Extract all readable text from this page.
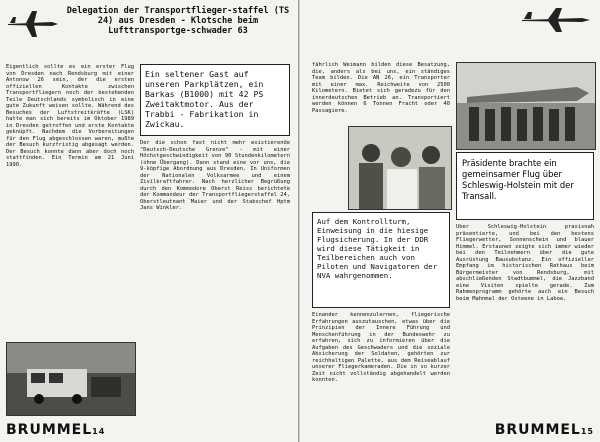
Delegation der Transportflieger-staffel (TS 24) aus Dresden - Klotsche beim Lufttransportge-schwader 63
Eigentlich sollte es ein erster Flug von Dresden nach Rendsburg mit einer Antonow 26 sein, der die ersten offiziellen Kontakte zwischen Transportfliegern noch der bestehenden Teile Deutschlands symbolisch in eine gute Zukunft weisen sollte. Während des Besuches der Luftstreitkräfte (LSK) hatte man sich bereits im Oktober 1989 in Dresden getroffen und erste Kontakte geknüpft. Nachdem die Vorbereitungen für den Flug abgeschlossen waren, mußte der Besuch kurzfristig abgesagt werden. Der Besuch konnte dann aber doch noch stattfinden. Ein Termin am 21 Juni 1990.
Ein seltener Gast auf unseren Parkplätzen, ein Barkas (B1000) mit 42 PS Zweitaktmotor. Aus der Trabbi - Fabrikation in Zwickau.
Der die schon fast nicht mehr existierende "Deutsch-Deutsche Grenze" - mit einer Höchstgeschwindigkeit von 90 Stundenkilometern (ohne Übergang). Dann stand eine vor uns, die 9-köpfige Abordnung aus Dresden. In Uniformen der Nationalen Volksarmee und einem Zivilkraftfahrer. Nach herzlicher Begrüßung durch den Kommodore Oberst Reiss berichtete der Kommandeur der Transportfliegerstaffel 24, Oberstleutnant Maier und der Stabschef Hptm Jans Winkler.
BRUMMEL14
fährlich Weimann bilden diese Besatzung, die, anders als bei uns, ein ständiges Team bilden. Die AN 26, ein Transporter mit einer max. Reichweite von 2500 Kilometern. Bietet sich geradezu für den innerdeutschen Betrieb an. Transportiert werden können 6 Tonnen Fracht oder 40 Passagiere.
Auf dem Kontrollturm, Einweisung in die hiesige Flugsicherung. In der DDR wird diese Tätigkeit in Teilbereichen auch von Piloten und Navigatoren der NVA wahrgenommen.
Einander kennenzulernen, fliegerische Erfahrungen auszutauschen, etwas über die Prinzipien der Innere Führung und Menschenführung in der Bundeswehr zu erfahren, sich zu informieren über die Aufgaben des Geschwaders und die soziale Absicherung der Soldaten, gehörten zur reichhaltigen Palette, aus dem Reiseablauf unserer Fliegerkameraden. Die in so kurzer Zeit nicht vollständig abgehandelt werden konnten.
Präsidente brachte ein gemeinsamer Flug über Schleswig-Holstein mit der Transall.
Über Schleswig-Holstein praxisnah präsentierte, und bei den bestens Fliegerwetter, Sonnenschein und blauer Himmel. Erstaunen zeigte sich immer wieder bei den Teilnehmern über die gute Ausrüstung Bausubstanz. Ein offizieller Empfang im historischen Rathaus beim Bürgermeister von Rendsburg, mit abschließenden Stadtbummel, die Jazzband eine Visiten spielte gerade. Zum Rahmenprogramm gehörte auch ein Besuch beim Mahnmal der Osteene in Laboe.
BRUMMEL15
